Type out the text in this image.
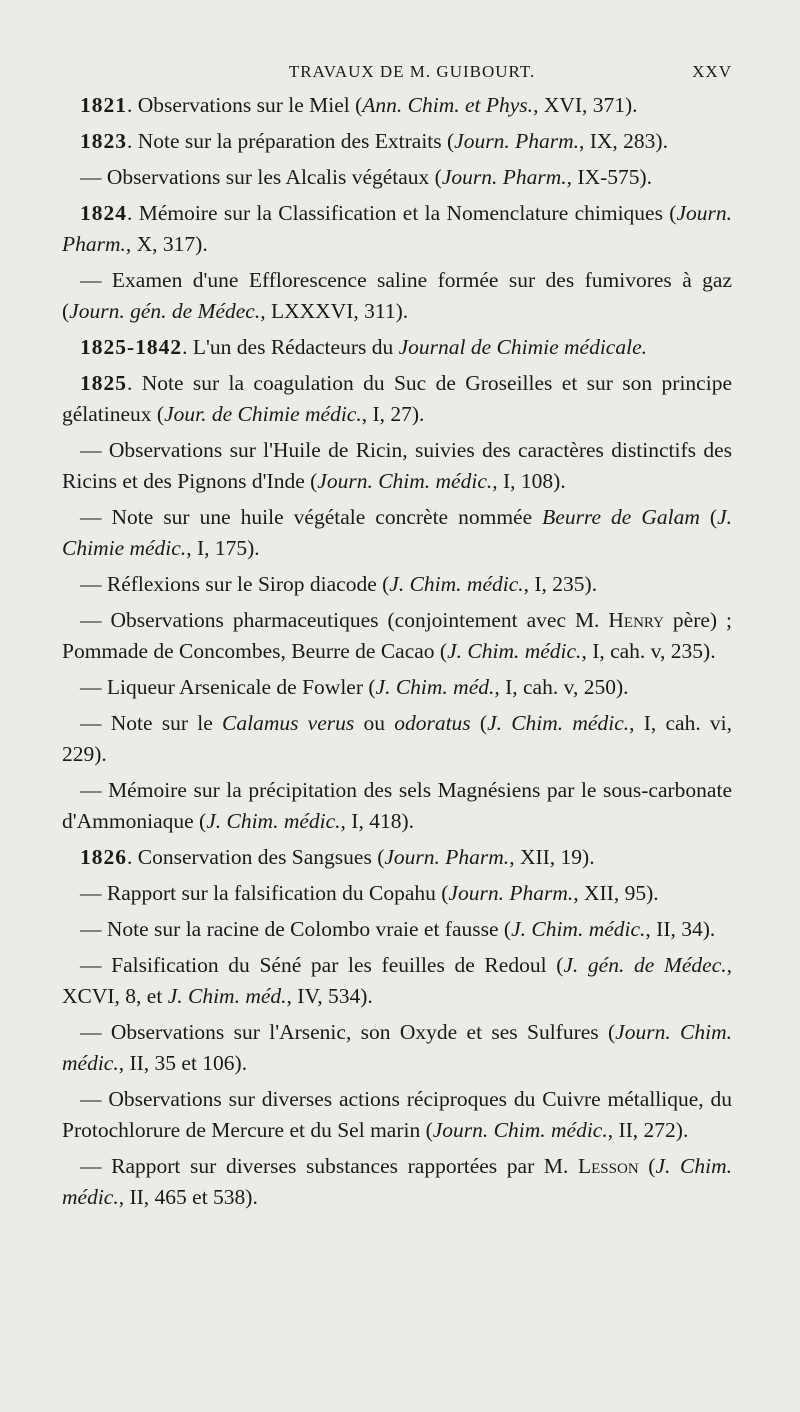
TRAVAUX DE M. GUIBOURT.	XXV

1821. Observations sur le Miel (Ann. Chim. et Phys., XVI, 371).

1823. Note sur la préparation des Extraits (Journ. Pharm., IX, 283).

— Observations sur les Alcalis végétaux (Journ. Pharm., IX-575).

1824. Mémoire sur la Classification et la Nomenclature chimiques (Journ. Pharm., X, 317).

— Examen d'une Efflorescence saline formée sur des fumivores à gaz (Journ. gén. de Médec., LXXXVI, 311).

1825-1842. L'un des Rédacteurs du Journal de Chimie médicale.

1825. Note sur la coagulation du Suc de Groseilles et sur son principe gélatineux (Jour. de Chimie médic., I, 27).

— Observations sur l'Huile de Ricin, suivies des caractères distinctifs des Ricins et des Pignons d'Inde (Journ. Chim. médic., I, 108).

— Note sur une huile végétale concrète nommée Beurre de Galam (J. Chimie médic., I, 175).

— Réflexions sur le Sirop diacode (J. Chim. médic., I, 235).

— Observations pharmaceutiques (conjointement avec M. Henry père) ; Pommade de Concombes, Beurre de Cacao (J. Chim. médic., I, cah. v, 235).

— Liqueur Arsenicale de Fowler (J. Chim. méd., I, cah. v, 250).

— Note sur le Calamus verus ou odoratus (J. Chim. médic., I, cah. vi, 229).

— Mémoire sur la précipitation des sels Magnésiens par le sous-carbonate d'Ammoniaque (J. Chim. médic., I, 418).

1826. Conservation des Sangsues (Journ. Pharm., XII, 19).

— Rapport sur la falsification du Copahu (Journ. Pharm., XII, 95).

— Note sur la racine de Colombo vraie et fausse (J. Chim. médic., II, 34).

— Falsification du Séné par les feuilles de Redoul (J. gén. de Médec., XCVI, 8, et J. Chim. méd., IV, 534).

— Observations sur l'Arsenic, son Oxyde et ses Sulfures (Journ. Chim. médic., II, 35 et 106).

— Observations sur diverses actions réciproques du Cuivre métallique, du Protochlorure de Mercure et du Sel marin (Journ. Chim. médic., II, 272).

— Rapport sur diverses substances rapportées par M. Lesson (J. Chim. médic., II, 465 et 538).
